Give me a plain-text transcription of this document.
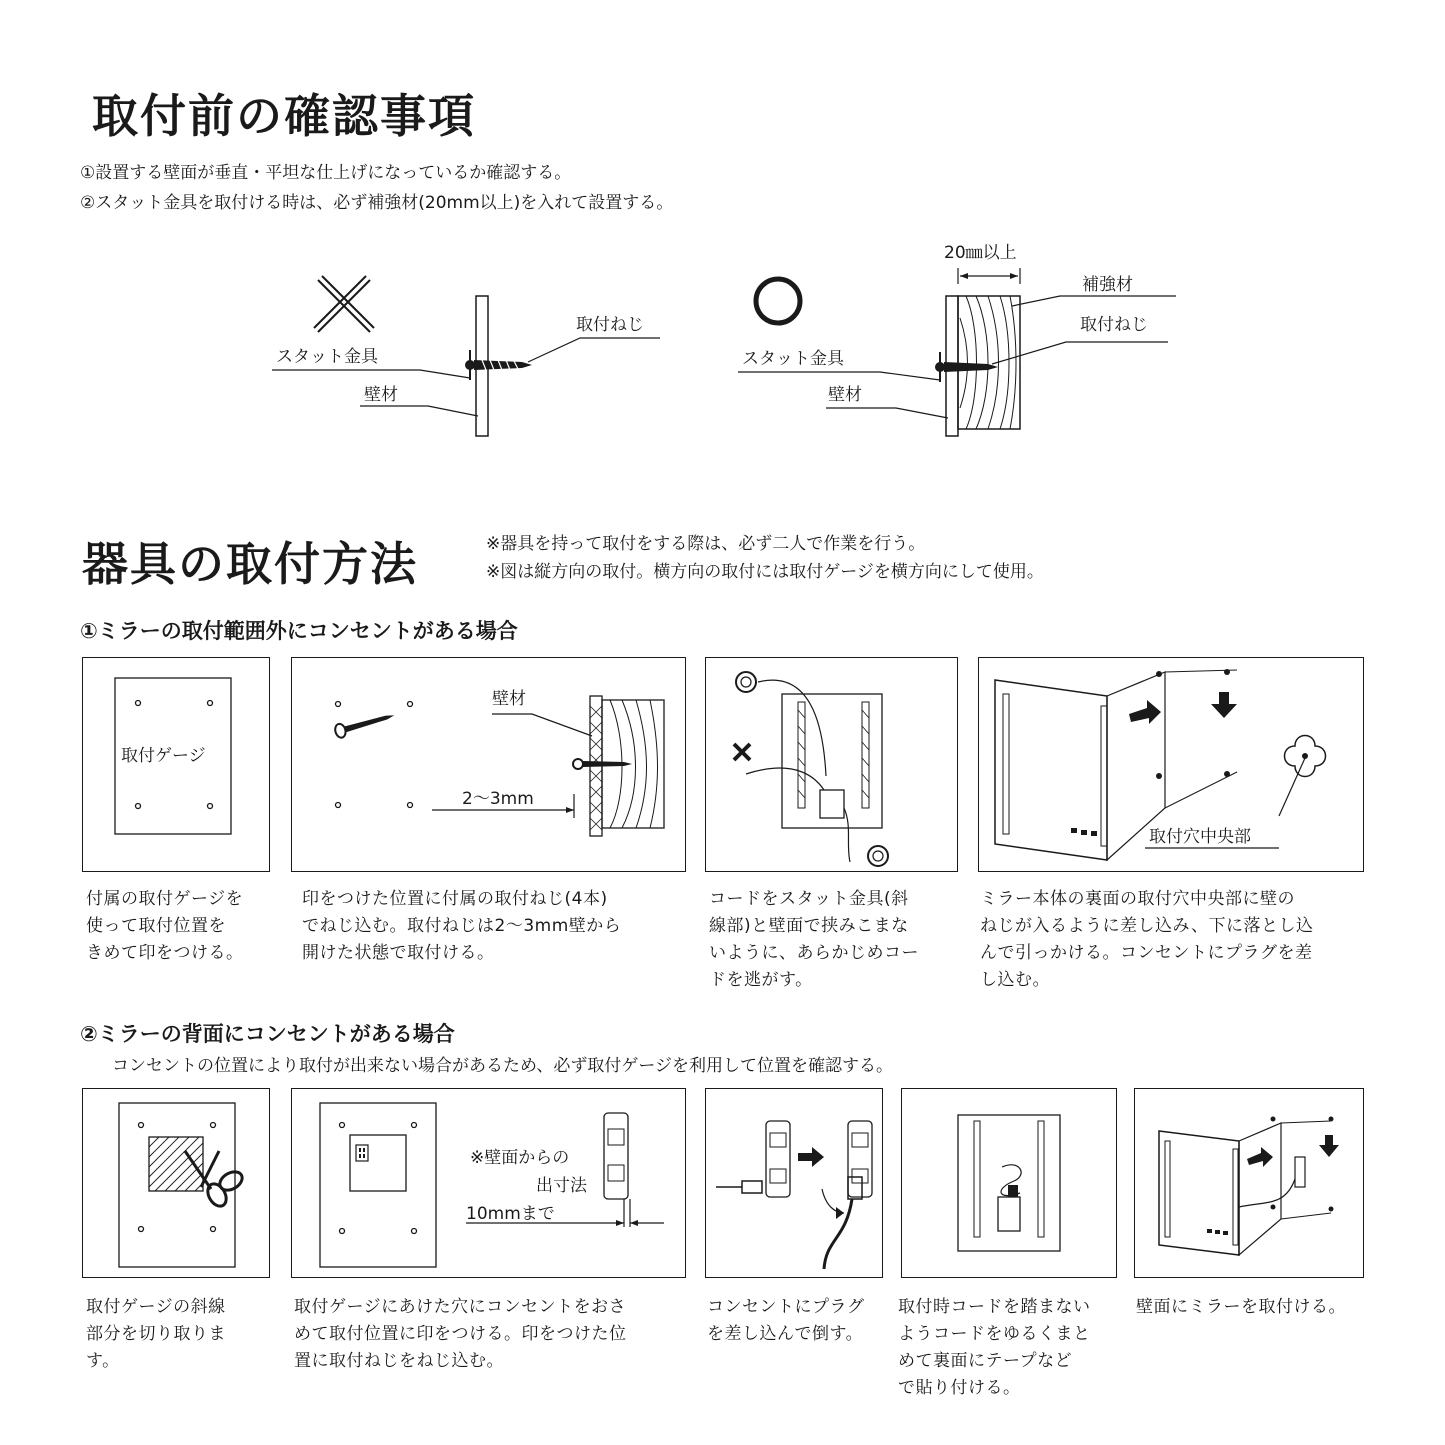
取付前の確認事項
①設置する壁面が垂直・平坦な仕上げになっているか確認する。
②スタット金具を取付ける時は、必ず補強材(20mm以上)を入れて設置する。
取付ねじ
スタット金具
壁材
20㎜以上
補強材
取付ねじ
スタット金具
壁材
器具の取付方法	※器具を持って取付をする際は、必ず二人で作業を行う。
※図は縦方向の取付。横方向の取付には取付ゲージを横方向にして使用。
①ミラーの取付範囲外にコンセントがある場合
取付ゲージ
壁材
2〜3mm
取付穴中央部
付属の取付ゲージを
使って取付位置を
きめて印をつける。
印をつけた位置に付属の取付ねじ(4本)
でねじ込む。取付ねじは2〜3mm壁から
開けた状態で取付ける。
コードをスタット金具(斜
線部)と壁面で挟みこまな
いように、あらかじめコー
ドを逃がす。
ミラー本体の裏面の取付穴中央部に壁の
ねじが入るように差し込み、下に落とし込
んで引っかける。コンセントにプラグを差
し込む。
②ミラーの背面にコンセントがある場合
コンセントの位置により取付が出来ない場合があるため、必ず取付ゲージを利用して位置を確認する。
※壁面からの
出寸法
10mmまで
取付ゲージの斜線
部分を切り取りま
す。
取付ゲージにあけた穴にコンセントをおさ
めて取付位置に印をつける。印をつけた位
置に取付ねじをねじ込む。
コンセントにプラグ
を差し込んで倒す。
取付時コードを踏まない
ようコードをゆるくまと
めて裏面にテープなど
で貼り付ける。
壁面にミラーを取付ける。
